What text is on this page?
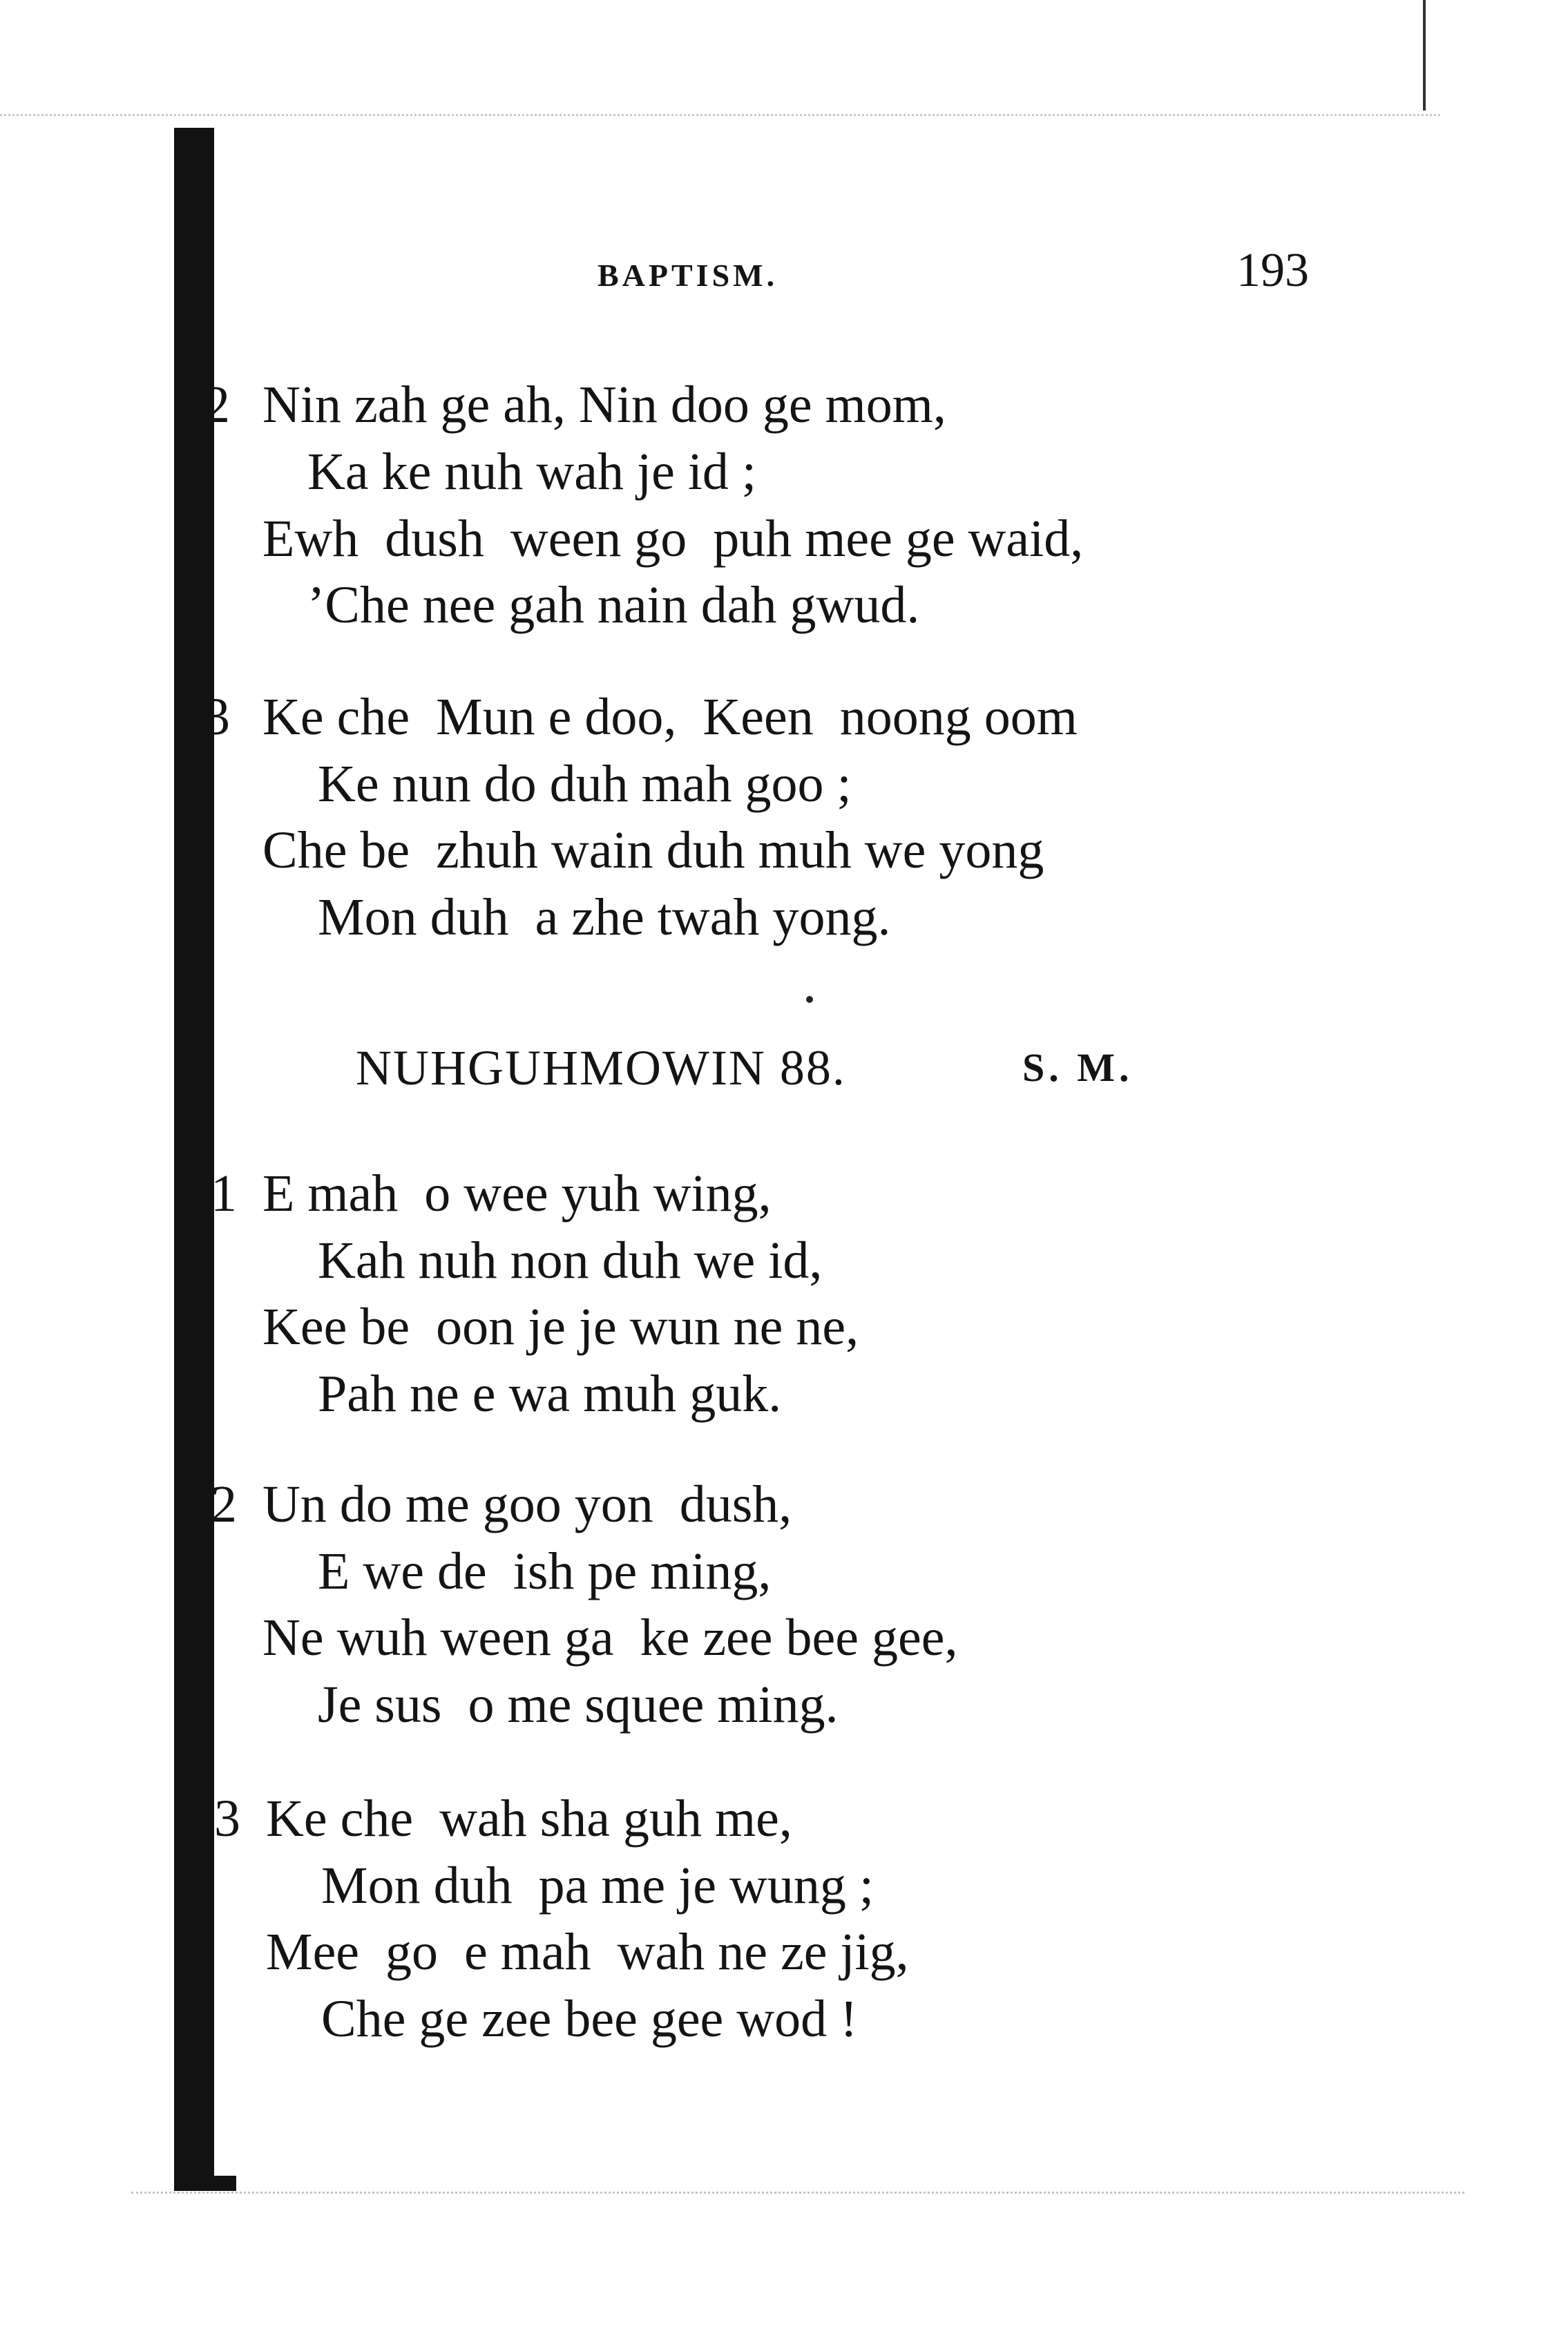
BAPTISM.	193
2 Nin zah ge ah, Nin doo ge mom,
Ka ke nuh wah je id ;
Ewh  dush  ween go  puh mee ge waid,
’Che nee gah nain dah gwud.
3 Ke che  Mun e doo,  Keen  noong oom
Ke nun do duh mah goo ;
Che be  zhuh wain duh muh we yong
Mon duh  a zhe twah yong.
NUHGUHMOWIN 88.	S. M.
1 E mah  o wee yuh wing,
Kah nuh non duh we id,
Kee be  oon je je wun ne ne,
Pah ne e wa muh guk.
2 Un do me goo yon  dush,
E we de  ish pe ming,
Ne wuh ween ga  ke zee bee gee,
Je sus  o me squee ming.
3 Ke che  wah sha guh me,
Mon duh  pa me je wung ;
Mee  go  e mah  wah ne ze jig,
Che ge zee bee gee wod !
